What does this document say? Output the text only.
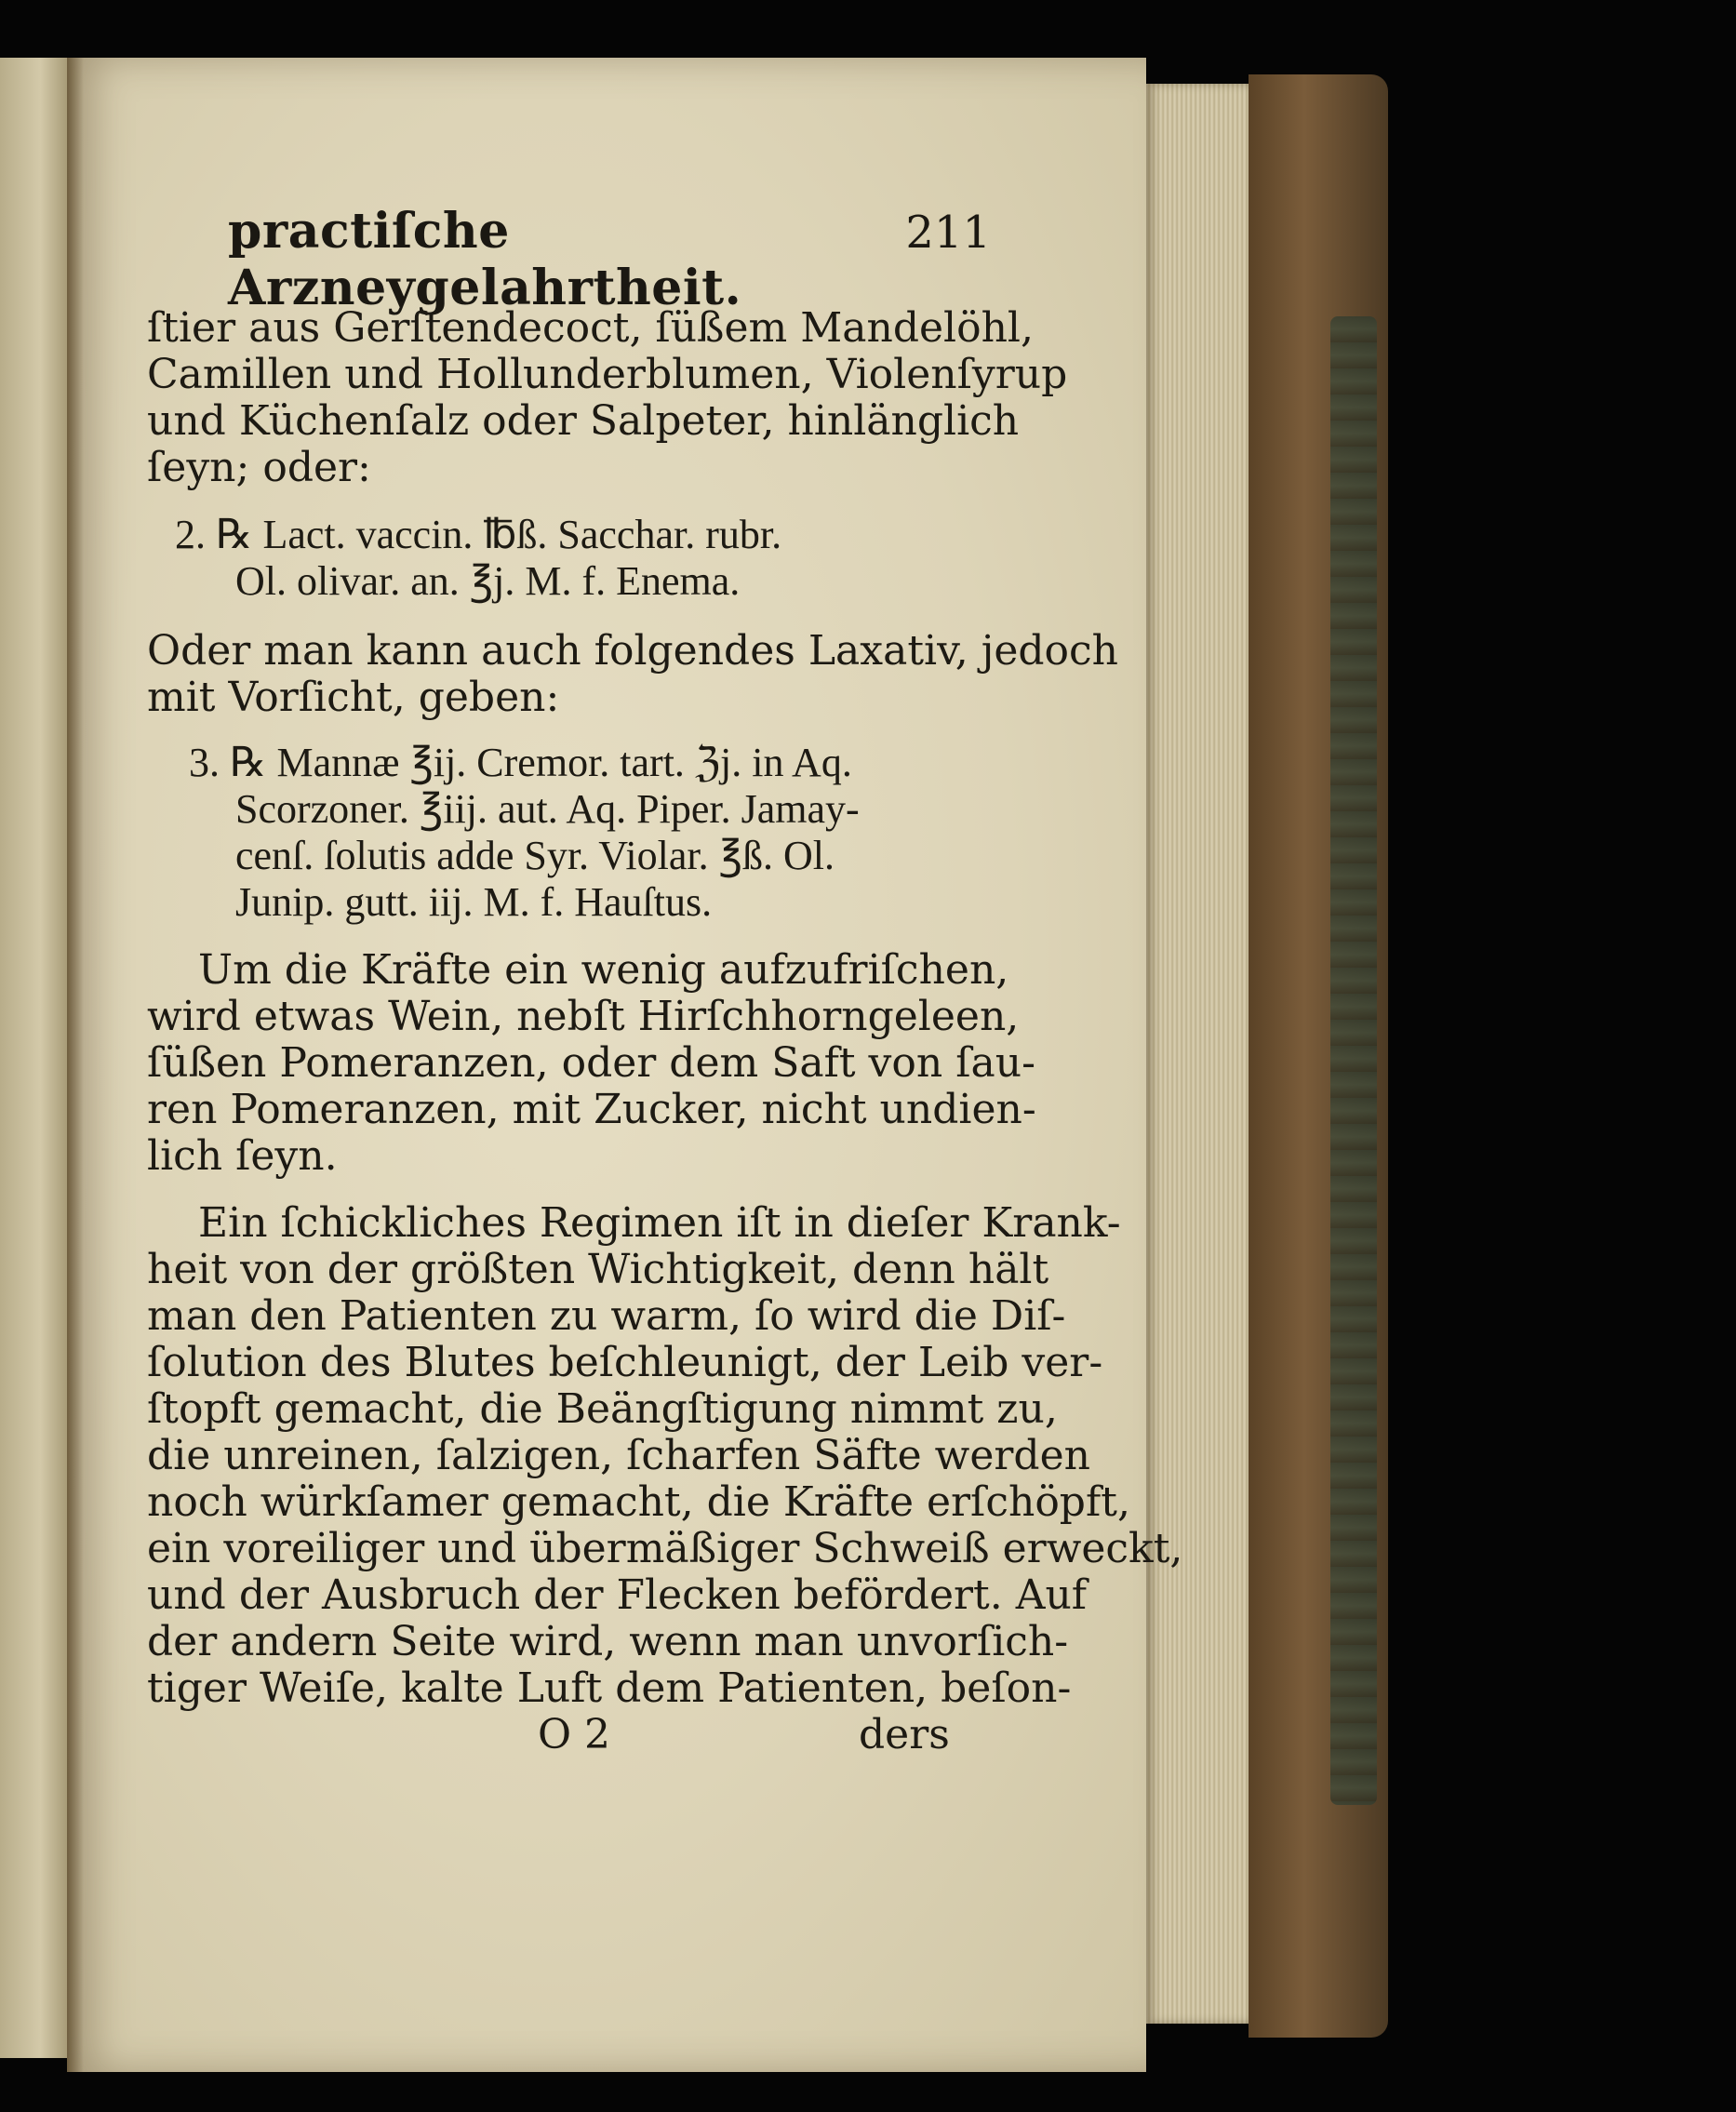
practiſche Arzneygelahrtheit.
211
ſtier aus Gerſtendecoct, ſüßem Mandelöhl,
Camillen und Hollunderblumen, Violenſyrup
und Küchenſalz oder Salpeter, hinlänglich
ſeyn; oder:
2. ℞ Lact. vaccin. ℔ß. Sacchar. rubr.
Ol. olivar. an. ℥j. M. f. Enema.
Oder man kann auch folgendes Laxativ, jedoch
mit Vorſicht, geben:
3. ℞ Mannæ ℥ij. Cremor. tart. ℨj. in Aq.
Scorzoner. ℥iij. aut. Aq. Piper. Jamay-
cenſ. ſolutis adde Syr. Violar. ℥ß. Ol.
Junip. gutt. iij. M. f. Hauſtus.
Um die Kräfte ein wenig aufzufriſchen,
wird etwas Wein, nebſt Hirſchhorngeleen,
ſüßen Pomeranzen, oder dem Saft von ſau-
ren Pomeranzen, mit Zucker, nicht undien-
lich ſeyn.
Ein ſchickliches Regimen iſt in dieſer Krank-
heit von der größten Wichtigkeit, denn hält
man den Patienten zu warm, ſo wird die Diſ-
ſolution des Blutes beſchleunigt, der Leib ver-
ſtopft gemacht, die Beängſtigung nimmt zu,
die unreinen, ſalzigen, ſcharfen Säfte werden
noch würkſamer gemacht, die Kräfte erſchöpft,
ein voreiliger und übermäßiger Schweiß erweckt,
und der Ausbruch der Flecken befördert. Auf
der andern Seite wird, wenn man unvorſich-
tiger Weiſe, kalte Luft dem Patienten, beſon-
O 2	ders
